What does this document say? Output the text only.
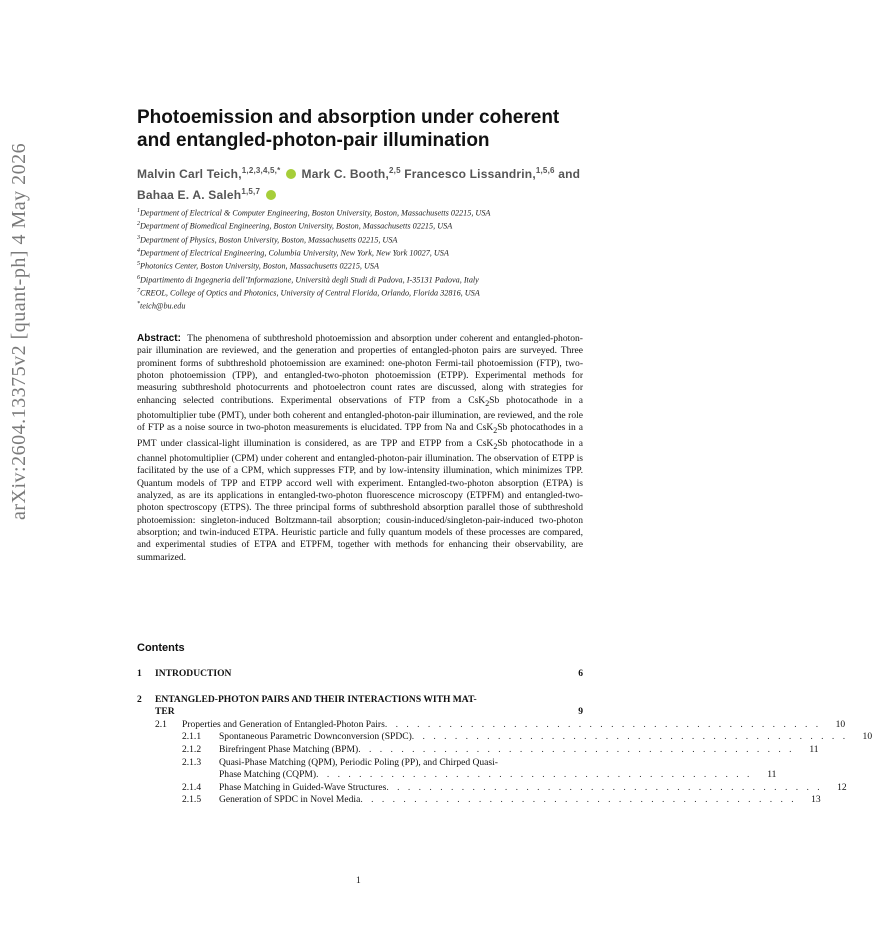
arXiv:2604.13375v2 [quant-ph] 4 May 2026
Photoemission and absorption under coherent
and entangled-photon-pair illumination
Malvin Carl Teich,$^{1,2,3,4,5,*}$ Mark C. Booth,$^{2,5}$ Francesco Lissandrin,$^{1,5,6}$ and Bahaa E. A. Saleh$^{1,5,7}$
$^1$Department of Electrical & Computer Engineering, Boston University, Boston, Massachusetts 02215, USA
$^2$Department of Biomedical Engineering, Boston University, Boston, Massachusetts 02215, USA
$^3$Department of Physics, Boston University, Boston, Massachusetts 02215, USA
$^4$Department of Electrical Engineering, Columbia University, New York, New York 10027, USA
$^5$Photonics Center, Boston University, Boston, Massachusetts 02215, USA
$^6$Dipartimento di Ingegneria dell’Informazione, Università degli Studi di Padova, I-35131 Padova, Italy
$^7$CREOL, College of Optics and Photonics, University of Central Florida, Orlando, Florida 32816, USA
*teich@bu.edu
Abstract: The phenomena of subthreshold photoemission and absorption under coherent and entangled-photon-pair illumination are reviewed, and the generation and properties of entangled-photon pairs are surveyed. Three prominent forms of subthreshold photoemission are examined: one-photon Fermi-tail photoemission (FTP), two-photon photoemission (TPP), and entangled-two-photon photoemission (ETPP). Experimental methods for measuring subthreshold photocurrents and photoelectron count rates are discussed, along with strategies for enhancing selected contributions. Experimental observations of FTP from a CsK$_2$Sb photocathode in a photomultiplier tube (PMT), under both coherent and entangled-photon-pair illumination, are reviewed, and the role of FTP as a noise source in two-photon measurements is elucidated. TPP from Na and CsK$_2$Sb photocathodes in a PMT under classical-light illumination is considered, as are TPP and ETPP from a CsK$_2$Sb photocathode in a channel photomultiplier (CPM) under coherent and entangled-photon-pair illumination. The observation of ETPP is facilitated by the use of a CPM, which suppresses FTP, and by low-intensity illumination, which minimizes TPP. Quantum models of TPP and ETPP accord well with experiment. Entangled-two-photon absorption (ETPA) is analyzed, as are its applications in entangled-two-photon fluorescence microscopy (ETPFM) and entangled-two-photon spectroscopy (ETPS). The three principal forms of subthreshold absorption parallel those of subthreshold photoemission: singleton-induced Boltzmann-tail absorption; cousin-induced/singleton-pair-induced two-photon absorption; and twin-induced ETPA. Heuristic particle and fully quantum models of these processes are compared, and experimental studies of ETPA and ETPFM, together with methods for enhancing their observability, are summarized.
Contents
1	INTRODUCTION	6
2	ENTANGLED-PHOTON PAIRS AND THEIR INTERACTIONS WITH MAT-
TER	9
2.1	Properties and Generation of Entangled-Photon Pairs . . . . . . . . . . . . . . . . . . . . . . . . . . . . . . . . . . . . . . . . .	10
2.1.1	Spontaneous Parametric Downconversion (SPDC) . . . . . . . . . . . . . . . . . . . . . . . . . . . . . . . . . . . . . . . . .	10
2.1.2	Birefringent Phase Matching (BPM) . . . . . . . . . . . . . . . . . . . . . . . . . . . . . . . . . . . . . . . . .	11
2.1.3	Quasi-Phase Matching (QPM), Periodic Poling (PP), and Chirped Quasi-
Phase Matching (CQPM) . . . . . . . . . . . . . . . . . . . . . . . . . . . . . . . . . . . . . . . . .	11
2.1.4	Phase Matching in Guided-Wave Structures . . . . . . . . . . . . . . . . . . . . . . . . . . . . . . . . . . . . . . . . .	12
2.1.5	Generation of SPDC in Novel Media . . . . . . . . . . . . . . . . . . . . . . . . . . . . . . . . . . . . . . . . .	13
1
